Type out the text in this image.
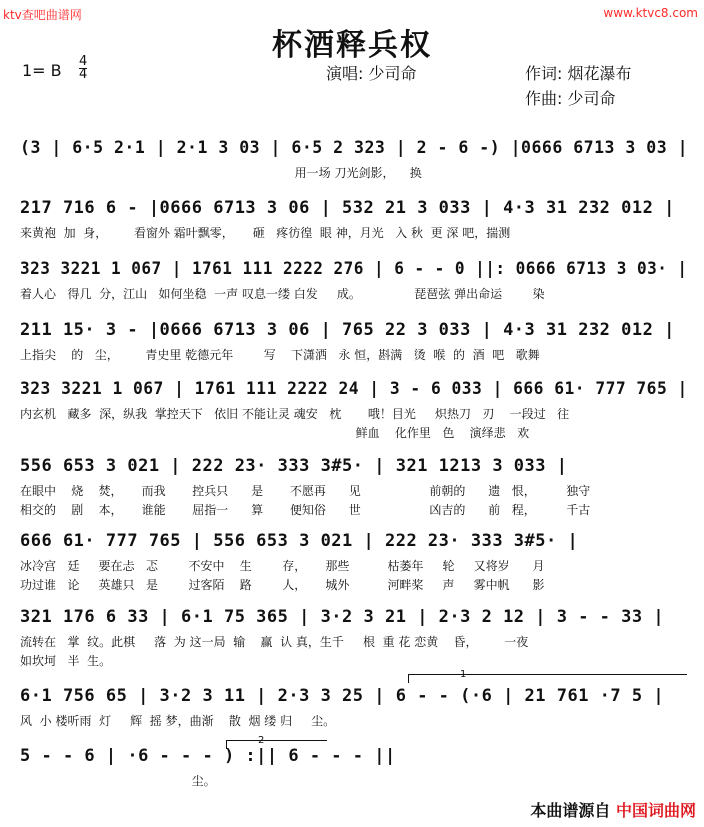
ktv查吧曲谱网	www.ktvc8.com
杯酒释兵权
1= B 4
4	演唱: 少司命	作词: 烟花瀑布
作曲: 少司命
(3 | 6·5 2·1 | 2·1 3 03 | 6·5 2 323 | 2 - 6 -) |0666 6713 3 03 |
用一场 刀光剑影，    换
217 716 6 - |0666 6713 3 06 | 532 21 3 033 | 4·3 31 232 012 |
来黄袍  加  身，       看窗外 霜叶飘零，     砸   疼彷徨  眼 神，月光   入 秋  更 深 吧，揣测
323 3221 1 067 | 1761 111 2222 276 | 6 - - 0 ||: 0666 6713 3 03· |
着人心   得几  分，江山   如何坐稳  一声 叹息一缕 白发     成。              琵琶弦 弹出命运        染
211 15· 3 - |0666 6713 3 06 | 765 22 3 033 | 4·3 31 232 012 |
上指尖    的   尘，       青史里 乾德元年        写    下潇洒   永 恒，斟满   烫  喉  的  酒  吧   歌舞
323 3221 1 067 | 1761 111 2222 24 | 3 - 6 033 | 666 61· 777 765 |
内玄机   藏多  深，纵我  掌控天下   依旧 不能让灵 魂安   枕       哦！目光     炽热刀   刃    一段过   往
鲜血    化作里   色    演绎悲   欢
556 653 3 021 | 222 23· 333 3#5· | 321 1213 3 033 |
在眼中    烧    焚，     而我       控兵只      是       不愿再      见                  前朝的      遗   恨，        独守
相交的    剧    本，     谁能       屈指一      算       便知俗      世                  凶吉的      前   程，        千古
666 61· 777 765 | 556 653 3 021 | 222 23· 333 3#5· |
冰冷宫   廷     要在忐   忑        不安中    生        存，     那些          枯萎年     轮     又将岁      月
功过谁   论     英雄只   是        过客陌    路        人，     城外          河畔桨     声     雾中帆      影
321 176 6 33 | 6·1 75 365 | 3·2 3 21 | 2·3 2 12 | 3 - - 33 |
流转在   掌  纹。此棋     落  为 这一局  输    赢  认 真，生千     根  重 花 恋黄    昏，       一夜
如坎坷   半  生。
1
6·1 756 65 | 3·2 3 11 | 2·3 3 25 | 6 - - (·6 | 21 761 ·7 5 |
风  小 楼听雨  灯     辉  摇 梦，曲渐    散  烟 缕 归     尘。
2
5 - - 6 | ·6 - - - ) :|| 6 - - - ||
尘。
本曲谱源自 中国词曲网
